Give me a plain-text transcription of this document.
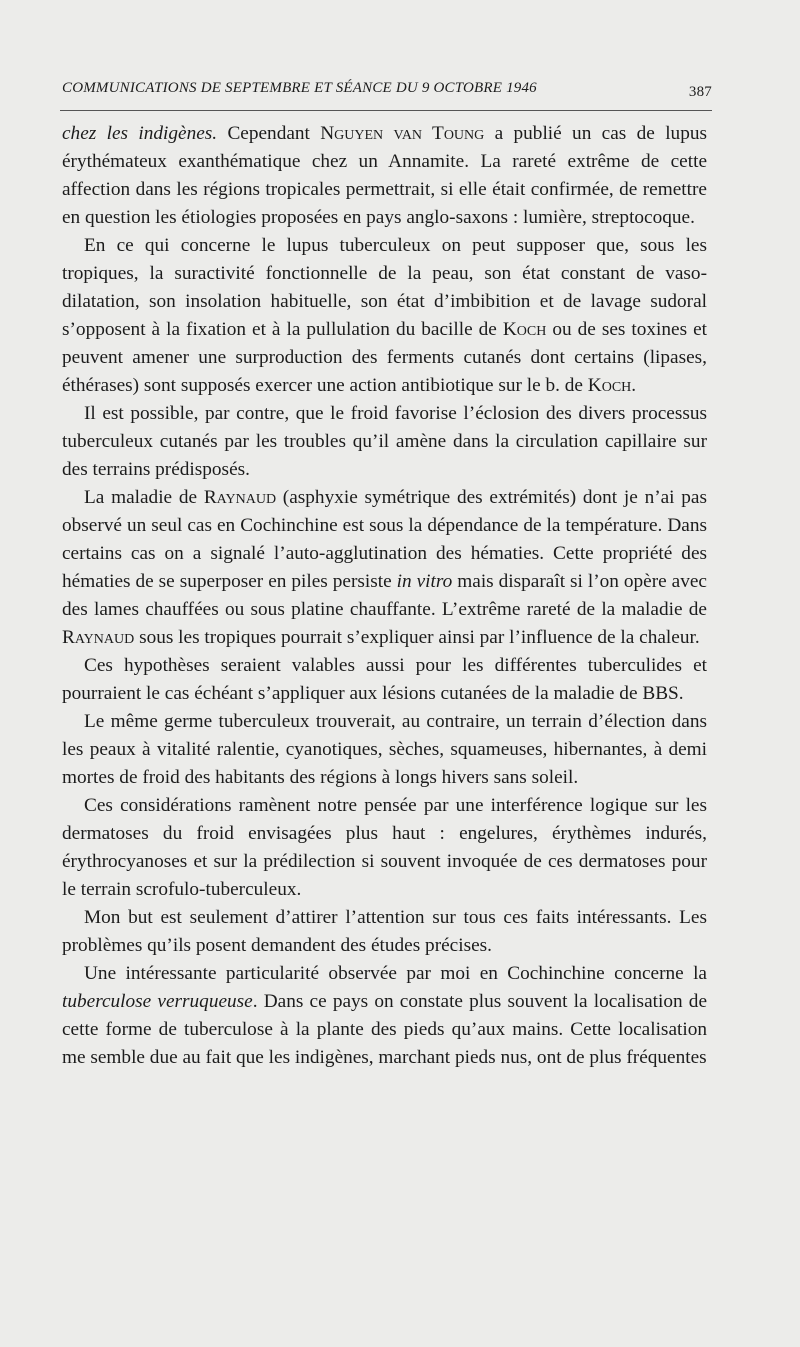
COMMUNICATIONS DE SEPTEMBRE ET SÉANCE DU 9 OCTOBRE 1946	387

chez les indigènes. Cependant Nguyen van Toung a publié un cas de lupus érythémateux exanthématique chez un Annamite. La rareté extrême de cette affection dans les régions tropicales permettrait, si elle était confirmée, de remettre en question les étiologies proposées en pays anglo-saxons : lumière, streptocoque.

En ce qui concerne le lupus tuberculeux on peut supposer que, sous les tropiques, la suractivité fonctionnelle de la peau, son état constant de vaso-dilatation, son insolation habituelle, son état d’imbibition et de lavage sudoral s’opposent à la fixation et à la pullulation du bacille de Koch ou de ses toxines et peuvent amener une surproduction des ferments cutanés dont certains (lipases, éthérases) sont supposés exercer une action antibiotique sur le b. de Koch.

Il est possible, par contre, que le froid favorise l’éclosion des divers processus tuberculeux cutanés par les troubles qu’il amène dans la circulation capillaire sur des terrains prédisposés.

La maladie de Raynaud (asphyxie symétrique des extrémités) dont je n’ai pas observé un seul cas en Cochinchine est sous la dépendance de la température. Dans certains cas on a signalé l’auto-agglutination des hématies. Cette propriété des hématies de se superposer en piles persiste in vitro mais disparaît si l’on opère avec des lames chauffées ou sous platine chauffante. L’extrême rareté de la maladie de Raynaud sous les tropiques pourrait s’expliquer ainsi par l’influence de la chaleur.

Ces hypothèses seraient valables aussi pour les différentes tuberculides et pourraient le cas échéant s’appliquer aux lésions cutanées de la maladie de BBS.

Le même germe tuberculeux trouverait, au contraire, un terrain d’élection dans les peaux à vitalité ralentie, cyanotiques, sèches, squameuses, hibernantes, à demi mortes de froid des habitants des régions à longs hivers sans soleil.

Ces considérations ramènent notre pensée par une interférence logique sur les dermatoses du froid envisagées plus haut : engelures, érythèmes indurés, érythrocyanoses et sur la prédilection si souvent invoquée de ces dermatoses pour le terrain scrofulo-tuberculeux.

Mon but est seulement d’attirer l’attention sur tous ces faits intéressants. Les problèmes qu’ils posent demandent des études précises.

Une intéressante particularité observée par moi en Cochinchine concerne la tuberculose verruqueuse. Dans ce pays on constate plus souvent la localisation de cette forme de tuberculose à la plante des pieds qu’aux mains. Cette localisation me semble due au fait que les indigènes, marchant pieds nus, ont de plus fréquentes
